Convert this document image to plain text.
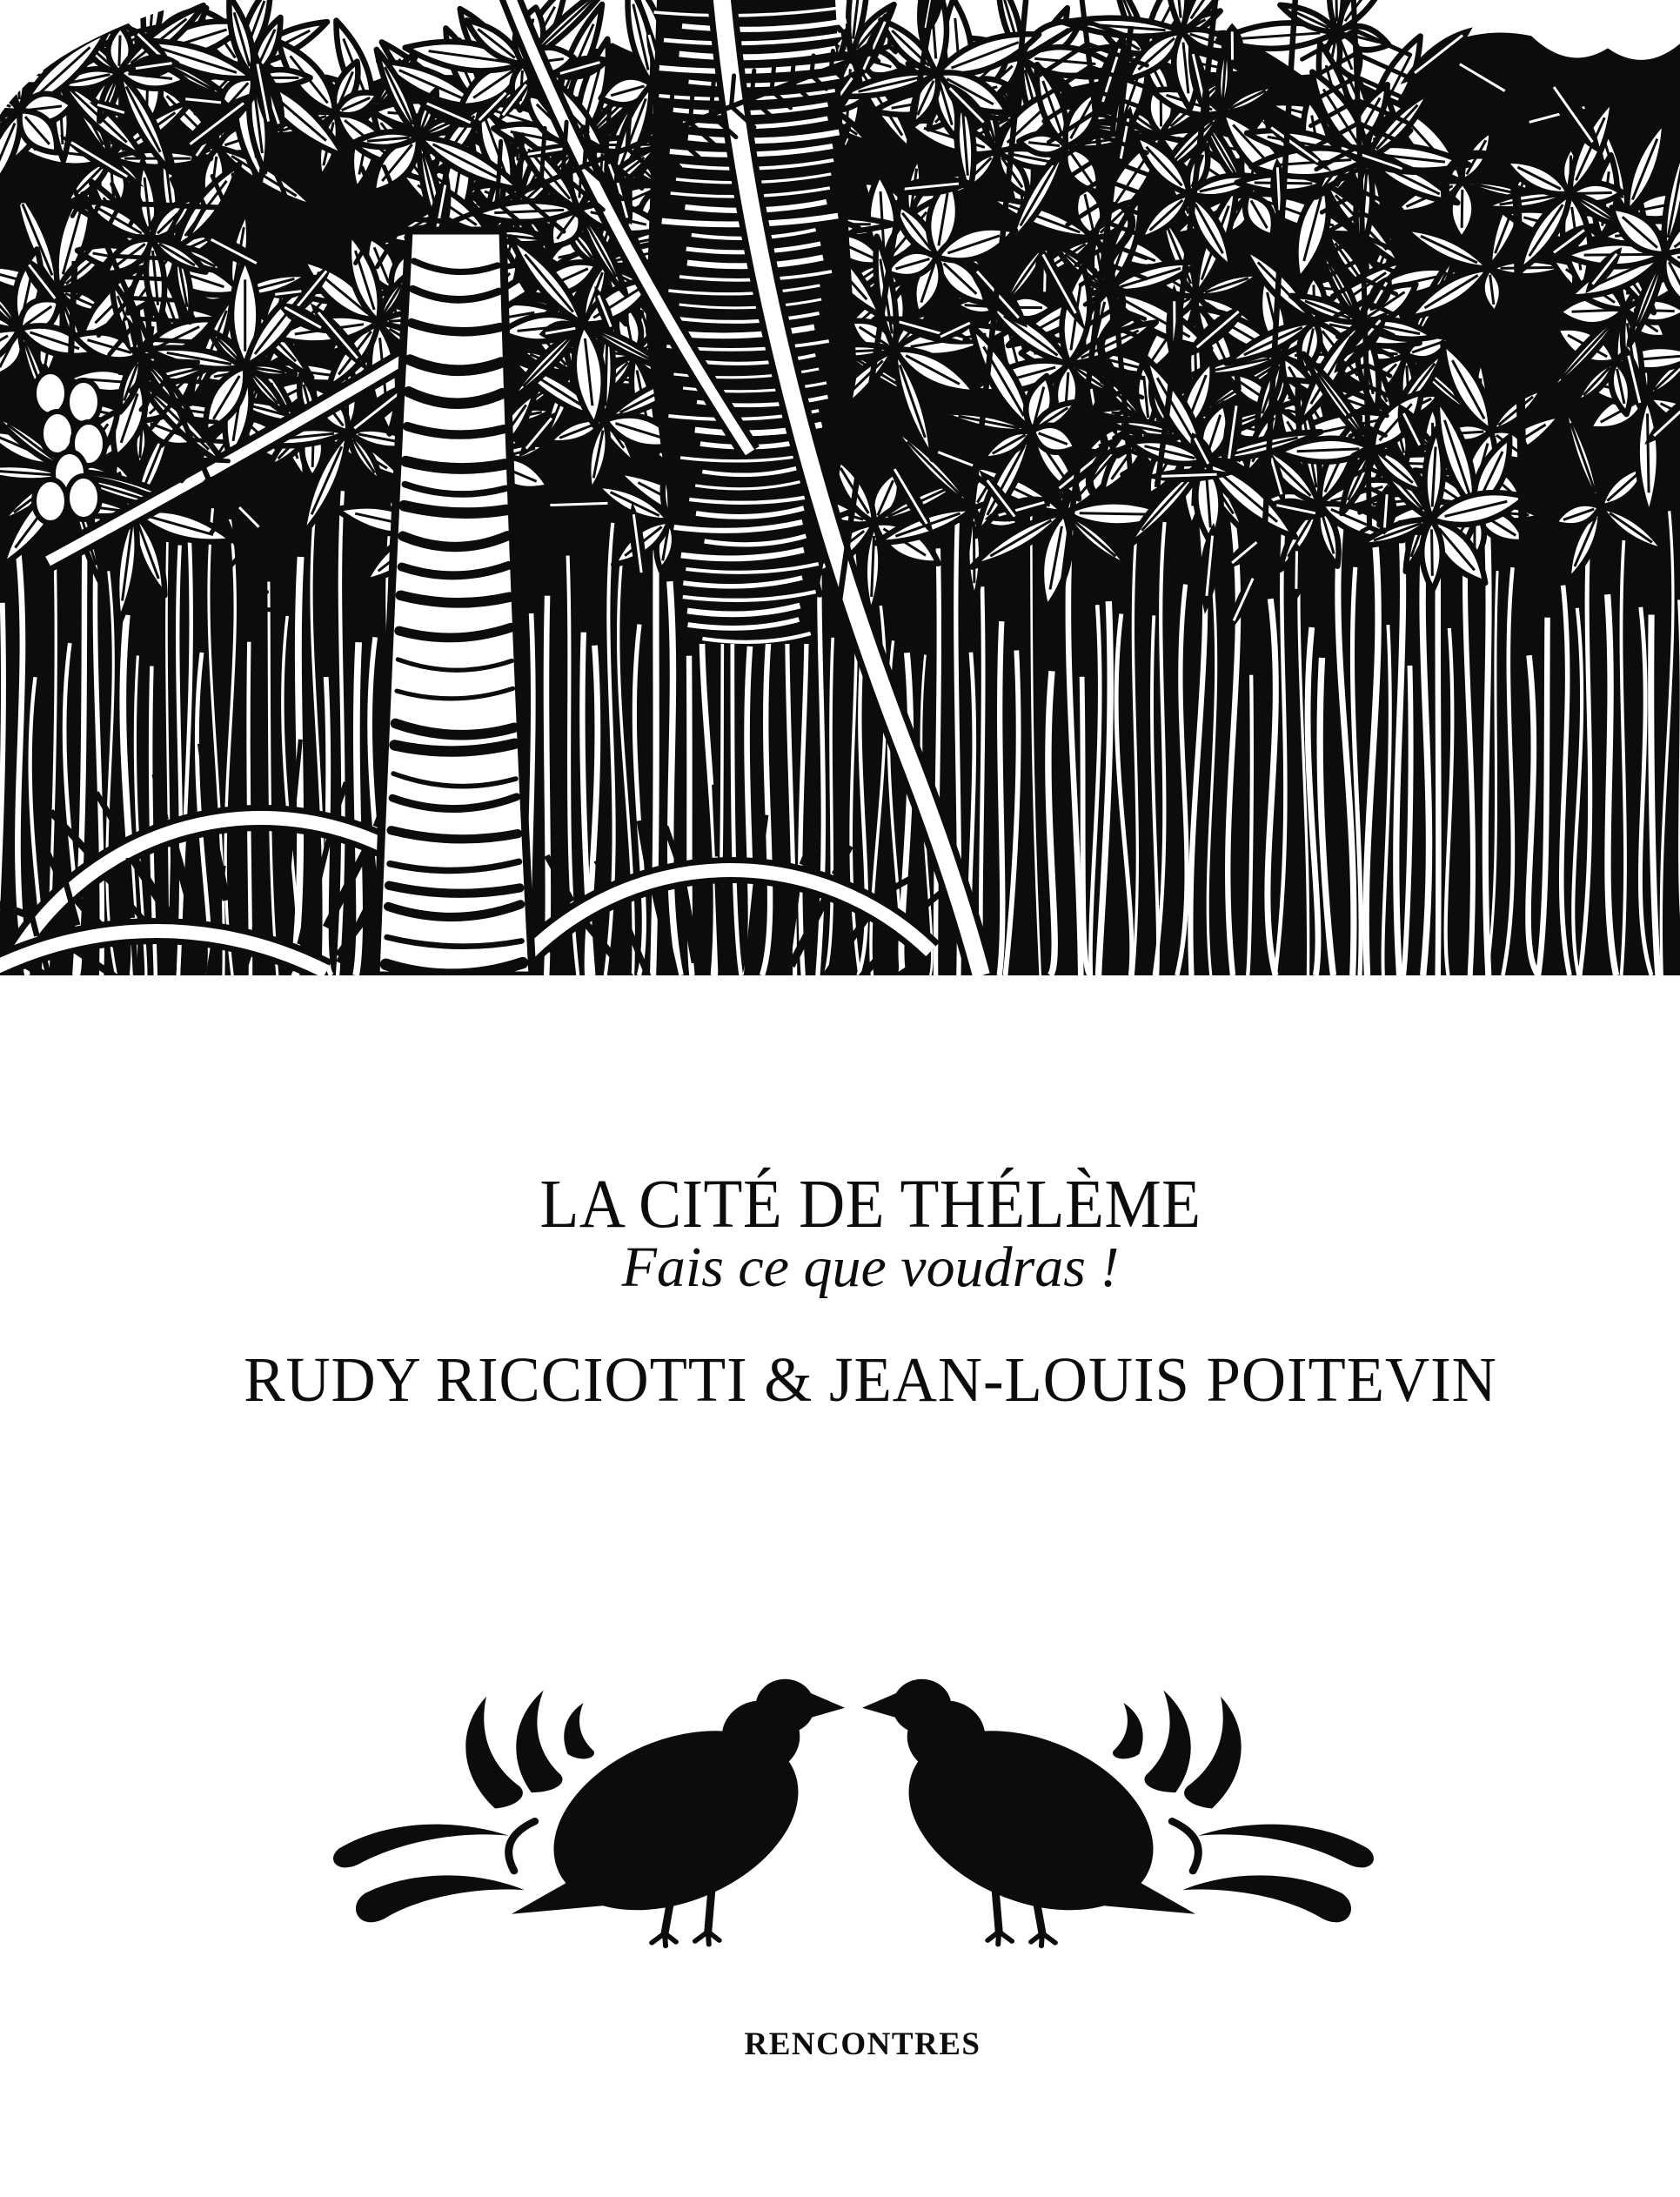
LA CITÉ DE THÉLÈME

Fais ce que voudras !

RUDY RICCIOTTI & JEAN-LOUIS POITEVIN
RENCONTRES
